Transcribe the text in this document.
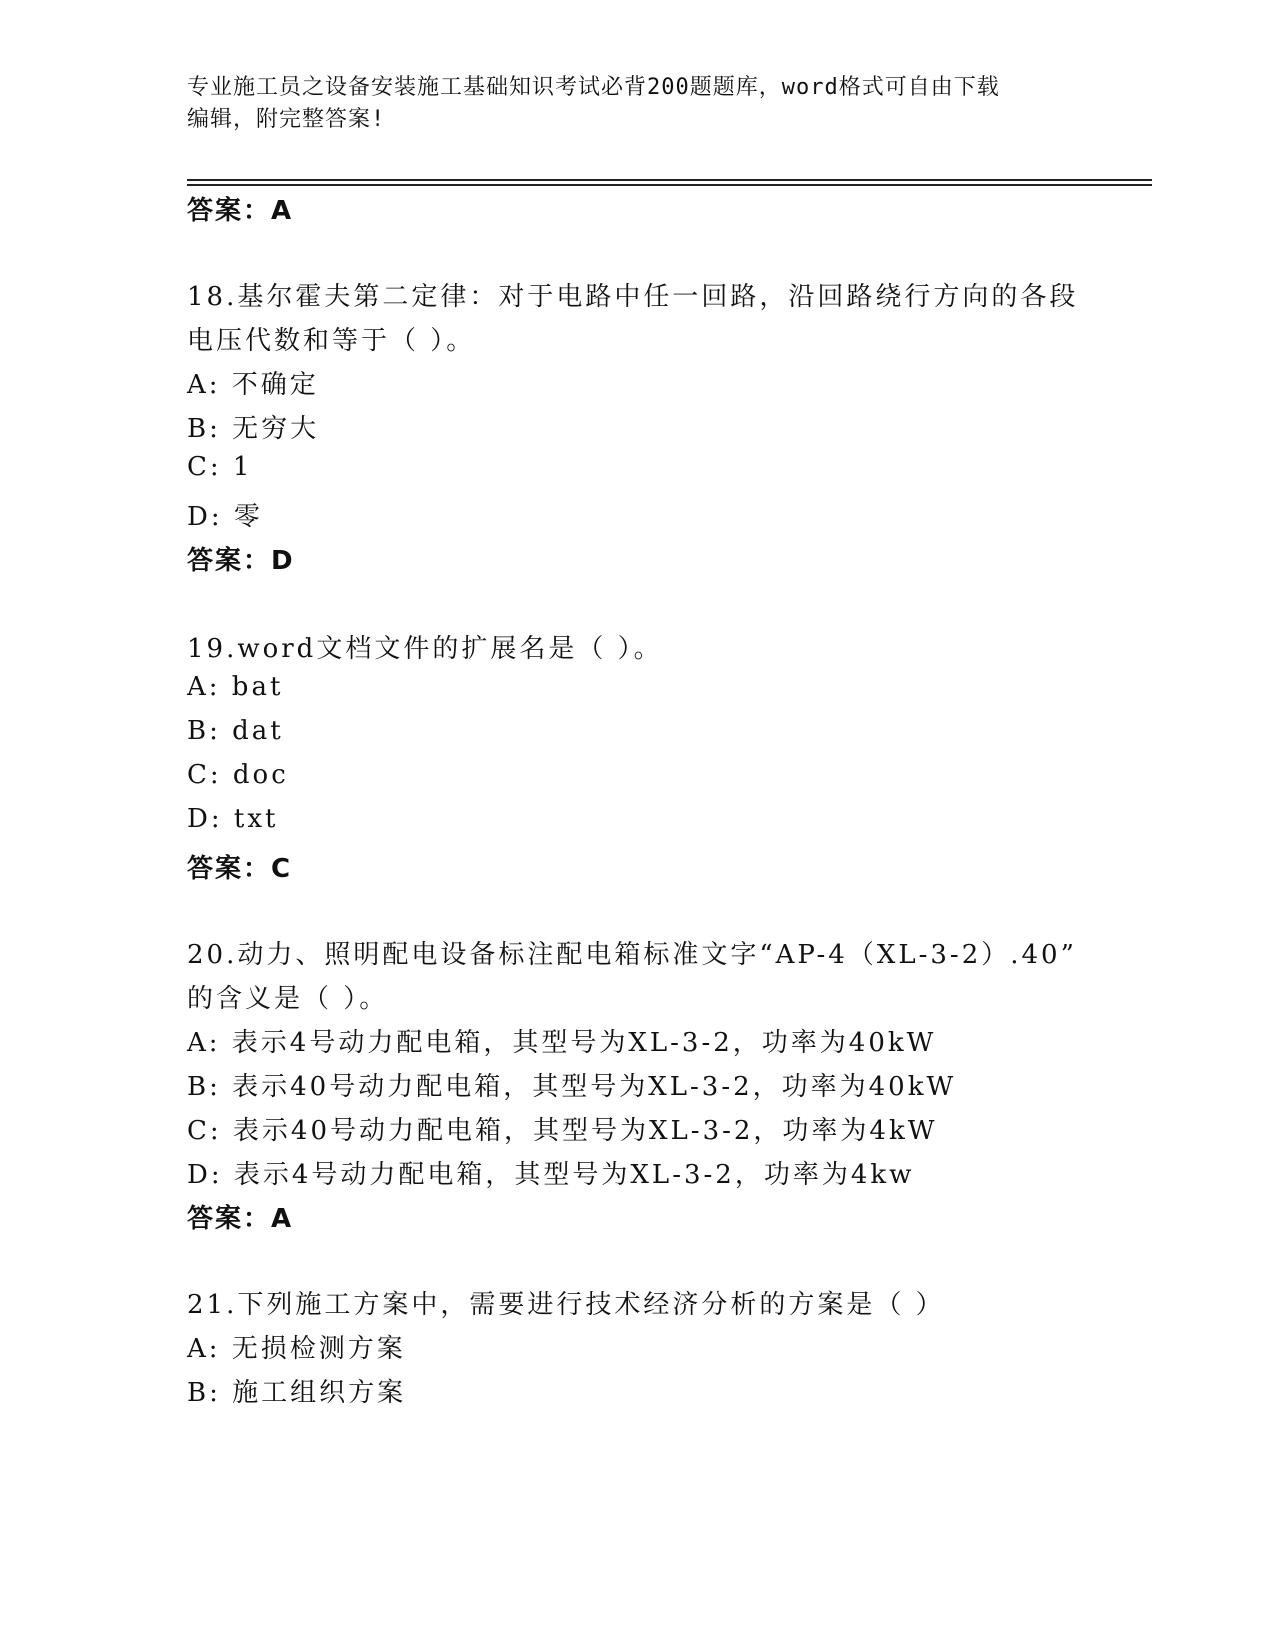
专业施工员之设备安装施工基础知识考试必背200题题库，word格式可自由下载
编辑，附完整答案!
答案：A
18.基尔霍夫第二定律：对于电路中任一回路，沿回路绕行方向的各段
电压代数和等于（ ）。
A: 不确定
B: 无穷大
C: 1
D: 零
答案：D
19.word文档文件的扩展名是（ ）。
A: bat
B: dat
C: doc
D: txt
答案：C
20.动力、照明配电设备标注配电箱标准文字“AP-4（XL-3-2）.40”
的含义是（ ）。
A: 表示4号动力配电箱，其型号为XL-3-2，功率为40kW
B: 表示40号动力配电箱，其型号为XL-3-2，功率为40kW
C: 表示40号动力配电箱，其型号为XL-3-2，功率为4kW
D: 表示4号动力配电箱，其型号为XL-3-2，功率为4kw
答案：A
21.下列施工方案中，需要进行技术经济分析的方案是（ ）
A: 无损检测方案
B: 施工组织方案
